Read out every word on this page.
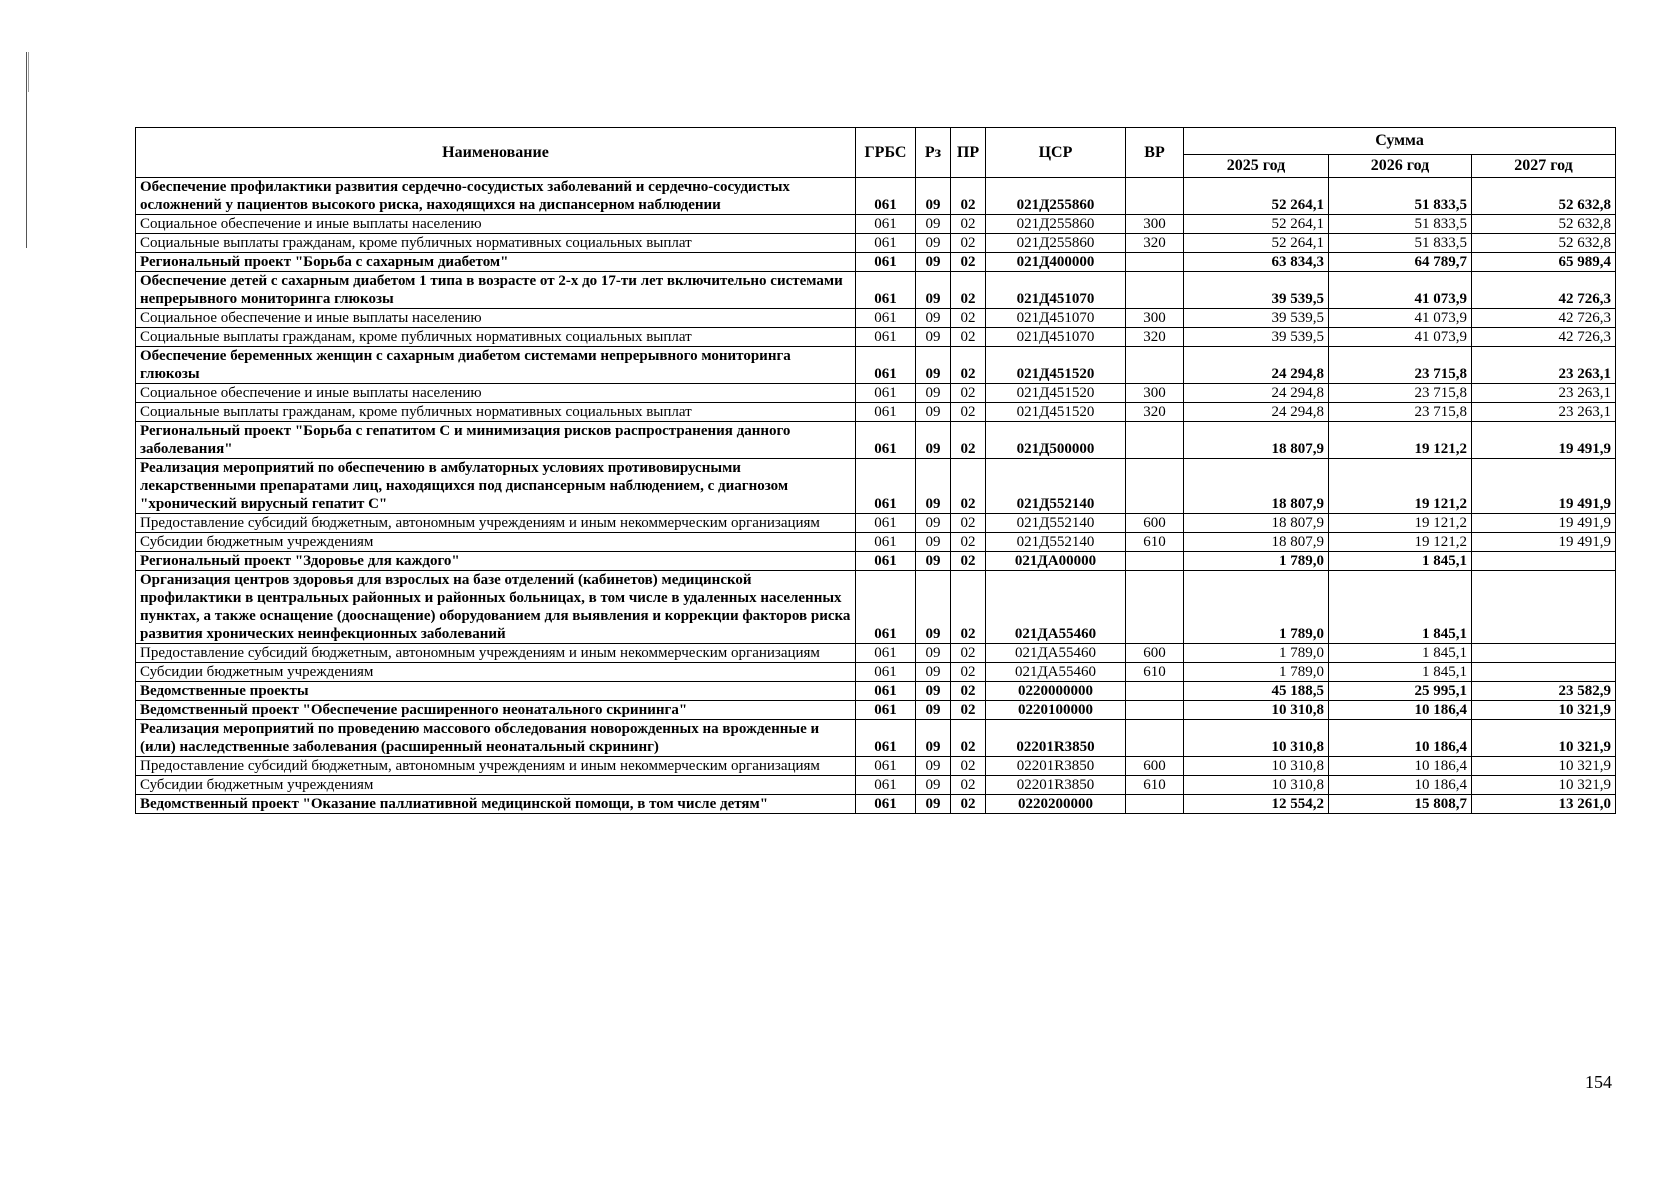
Наименование	ГРБС	Рз	ПР	ЦСР	ВР	Сумма		
						2025 год	2026 год	2027 год
Обеспечение профилактики развития сердечно-сосудистых заболеваний и сердечно-сосудистых осложнений у пациентов высокого риска, находящихся на диспансерном наблюдении	061	09	02	021Д255860		52 264,1	51 833,5	52 632,8
Социальное обеспечение и иные выплаты населению	061	09	02	021Д255860	300	52 264,1	51 833,5	52 632,8
Социальные выплаты гражданам, кроме публичных нормативных социальных выплат	061	09	02	021Д255860	320	52 264,1	51 833,5	52 632,8
Региональный проект "Борьба с сахарным диабетом"	061	09	02	021Д400000		63 834,3	64 789,7	65 989,4
Обеспечение детей с сахарным диабетом 1 типа в возрасте от 2-х до 17-ти лет включительно системами непрерывного мониторинга глюкозы	061	09	02	021Д451070		39 539,5	41 073,9	42 726,3
Социальное обеспечение и иные выплаты населению	061	09	02	021Д451070	300	39 539,5	41 073,9	42 726,3
Социальные выплаты гражданам, кроме публичных нормативных социальных выплат	061	09	02	021Д451070	320	39 539,5	41 073,9	42 726,3
Обеспечение беременных женщин с сахарным диабетом системами непрерывного мониторинга глюкозы	061	09	02	021Д451520		24 294,8	23 715,8	23 263,1
Социальное обеспечение и иные выплаты населению	061	09	02	021Д451520	300	24 294,8	23 715,8	23 263,1
Социальные выплаты гражданам, кроме публичных нормативных социальных выплат	061	09	02	021Д451520	320	24 294,8	23 715,8	23 263,1
Региональный проект "Борьба с гепатитом С и минимизация рисков распространения данного заболевания"	061	09	02	021Д500000		18 807,9	19 121,2	19 491,9
Реализация мероприятий по обеспечению в амбулаторных условиях противовирусными лекарственными препаратами лиц, находящихся под диспансерным наблюдением, с диагнозом "хронический вирусный гепатит С"	061	09	02	021Д552140		18 807,9	19 121,2	19 491,9
Предоставление субсидий бюджетным, автономным учреждениям и иным некоммерческим организациям	061	09	02	021Д552140	600	18 807,9	19 121,2	19 491,9
Субсидии бюджетным учреждениям	061	09	02	021Д552140	610	18 807,9	19 121,2	19 491,9
Региональный проект "Здоровье для каждого"	061	09	02	021ДА00000		1 789,0	1 845,1	
Организация центров здоровья для взрослых на базе отделений (кабинетов) медицинской профилактики в центральных районных и районных больницах, в том числе в удаленных населенных пунктах, а также оснащение (дооснащение) оборудованием для выявления и коррекции факторов риска развития хронических неинфекционных заболеваний	061	09	02	021ДА55460		1 789,0	1 845,1	
Предоставление субсидий бюджетным, автономным учреждениям и иным некоммерческим организациям	061	09	02	021ДА55460	600	1 789,0	1 845,1	
Субсидии бюджетным учреждениям	061	09	02	021ДА55460	610	1 789,0	1 845,1	
Ведомственные проекты	061	09	02	0220000000		45 188,5	25 995,1	23 582,9
Ведомственный проект "Обеспечение расширенного неонатального скрининга"	061	09	02	0220100000		10 310,8	10 186,4	10 321,9
Реализация мероприятий по проведению массового обследования новорожденных на врожденные и (или) наследственные заболевания (расширенный неонатальный скрининг)	061	09	02	02201R3850		10 310,8	10 186,4	10 321,9
Предоставление субсидий бюджетным, автономным учреждениям и иным некоммерческим организациям	061	09	02	02201R3850	600	10 310,8	10 186,4	10 321,9
Субсидии бюджетным учреждениям	061	09	02	02201R3850	610	10 310,8	10 186,4	10 321,9
Ведомственный проект "Оказание паллиативной медицинской помощи, в том числе детям"	061	09	02	0220200000		12 554,2	15 808,7	13 261,0
154
